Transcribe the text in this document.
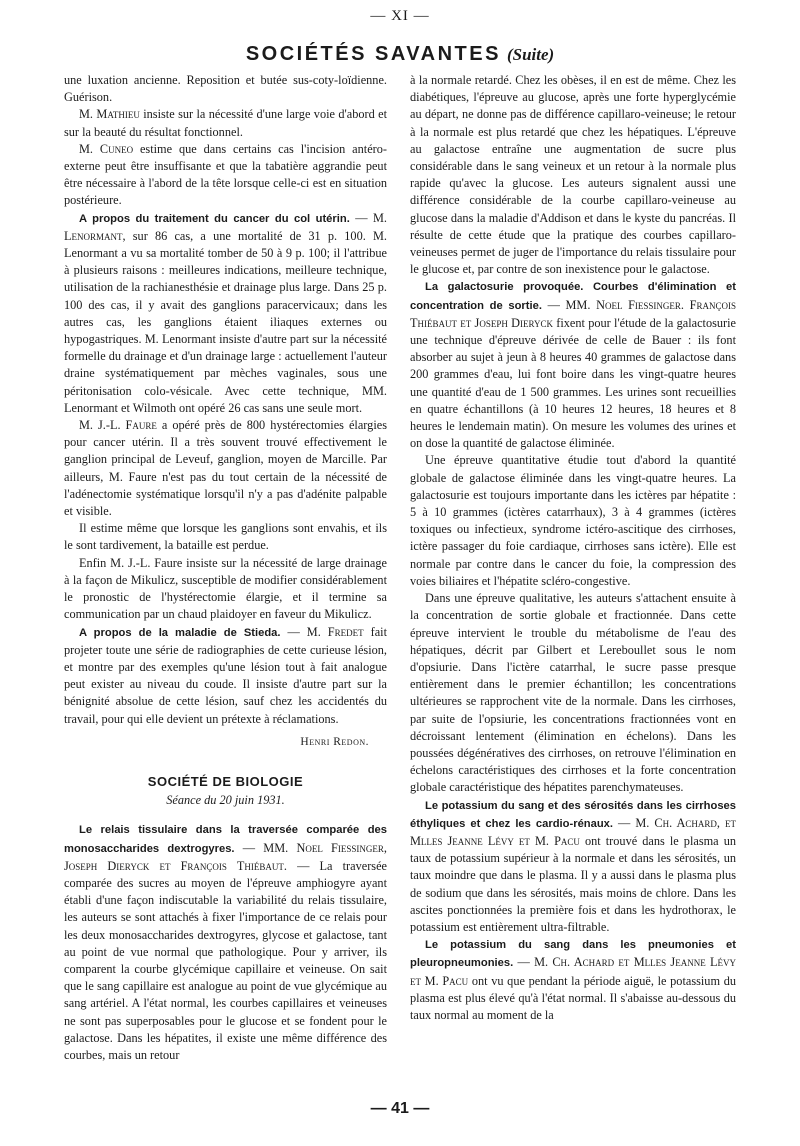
— XI —
SOCIÉTÉS SAVANTES (Suite)

une luxation ancienne. Reposition et butée sus-coty-loïdienne. Guérison.

M. Mathieu insiste sur la nécessité d'une large voie d'abord et sur la beauté du résultat fonctionnel.

M. Cuneo estime que dans certains cas l'incision antéro-externe peut être insuffisante et que la tabatière aggrandie peut être nécessaire à l'abord de la tête lorsque celle-ci est en situation postérieure.

A propos du traitement du cancer du col utérin. — M. Lenormant, sur 86 cas, a une mortalité de 31 p. 100. M. Lenormant a vu sa mortalité tomber de 50 à 9 p. 100; il l'attribue à plusieurs raisons : meilleures indications, meilleure technique, utilisation de la rachianesthésie et drainage plus large. Dans 25 p. 100 des cas, il y avait des ganglions paracervicaux; dans les autres cas, les ganglions étaient iliaques externes ou hypogastriques. M. Lenormant insiste d'autre part sur la nécessité formelle du drainage et d'un drainage large : actuellement l'auteur draine systématiquement par mèches vaginales, sous une péritonisation colo-vésicale. Avec cette technique, MM. Lenormant et Wilmoth ont opéré 26 cas sans une seule mort.

M. J.-L. Faure a opéré près de 800 hystérectomies élargies pour cancer utérin. Il a très souvent trouvé effectivement le ganglion principal de Leveuf, ganglion, moyen de Marcille. Par ailleurs, M. Faure n'est pas du tout certain de la nécessité de l'adénectomie systématique lorsqu'il n'y a pas d'adénite palpable et visible.

Il estime même que lorsque les ganglions sont envahis, et ils le sont tardivement, la bataille est perdue.

Enfin M. J.-L. Faure insiste sur la nécessité de large drainage à la façon de Mikulicz, susceptible de modifier considérablement le pronostic de l'hystérectomie élargie, et il termine sa communication par un chaud plaidoyer en faveur du Mikulicz.

A propos de la maladie de Stieda. — M. Fredet fait projeter toute une série de radiographies de cette curieuse lésion, et montre par des exemples qu'une lésion tout à fait analogue peut exister au niveau du coude. Il insiste d'autre part sur la bénignité absolue de cette lésion, sauf chez les accidentés du travail, pour qui elle devient un prétexte à réclamations.

Henri Redon.
SOCIÉTÉ DE BIOLOGIE
Séance du 20 juin 1931.

Le relais tissulaire dans la traversée comparée des monosaccharides dextrogyres. — MM. Noel Fiessinger, Joseph Dieryck et François Thiébaut. — La traversée comparée des sucres au moyen de l'épreuve amphiogyre ayant établi d'une façon indiscutable la variabilité du relais tissulaire, les auteurs se sont attachés à fixer l'importance de ce relais pour les deux monosaccharides dextrogyres, glycose et galactose, tant au point de vue normal que pathologique. Pour y arriver, ils comparent la courbe glycémique capillaire et veineuse. On sait que le sang capillaire est analogue au point de vue glycémique au sang artériel. A l'état normal, les courbes capillaires et veineuses ne sont pas superposables pour le glucose et se fondent pour le galactose. Dans les hépatites, il existe une même différence des courbes, mais un retour

à la normale retardé. Chez les obèses, il en est de même. Chez les diabétiques, l'épreuve au glucose, après une forte hyperglycémie au départ, ne donne pas de différence capillaro-veineuse; le retour à la normale est plus retardé que chez les hépatiques. L'épreuve au galactose entraîne une augmentation de sucre plus considérable dans le sang veineux et un retour à la normale plus rapide qu'avec la glucose. Les auteurs signalent aussi une différence considérable de la courbe capillaro-veineuse au glucose dans la maladie d'Addison et dans le kyste du pancréas. Il résulte de cette étude que la pratique des courbes capillaro-veineuses permet de juger de l'importance du relais tissulaire pour le glucose et, par contre de son inexistence pour le galactose.

La galactosurie provoquée. Courbes d'élimination et concentration de sortie. — MM. Noel Fiessinger. François Thiébaut et Joseph Dieryck fixent pour l'étude de la galactosurie une technique d'épreuve dérivée de celle de Bauer : ils font absorber au sujet à jeun à 8 heures 40 grammes de galactose dans 200 grammes d'eau, lui font boire dans les vingt-quatre heures une quantité d'eau de 1 500 grammes. Les urines sont recueillies en quatre échantillons (à 10 heures 12 heures, 18 heures et 8 heures le lendemain matin). On mesure les volumes des urines et on dose la quantité de galactose éliminée.

Une épreuve quantitative étudie tout d'abord la quantité globale de galactose éliminée dans les vingt-quatre heures. La galactosurie est toujours importante dans les ictères par hépatite : 5 à 10 grammes (ictères catarrhaux), 3 à 4 grammes (ictères toxiques ou infectieux, syndrome ictéro-ascitique des cirrhoses, ictère passager du foie cardiaque, cirrhoses sans ictère). Elle est normale par contre dans le cancer du foie, la compression des voies biliaires et l'hépatite scléro-congestive.

Dans une épreuve qualitative, les auteurs s'attachent ensuite à la concentration de sortie globale et fractionnée. Dans cette épreuve intervient le trouble du métabolisme de l'eau des hépatiques, décrit par Gilbert et Lereboullet sous le nom d'opsiurie. Dans l'ictère catarrhal, le sucre passe presque entièrement dans le premier échantillon; les concentrations ultérieures se rapprochent vite de la normale. Dans les cirrhoses, par suite de l'opsiurie, les concentrations fractionnées vont en décroissant lentement (élimination en échelons). Dans les poussées dégénératives des cirrhoses, on retrouve l'élimination en échelons caractéristiques des cirrhoses et la forte concentration globale caractéristique des hépatites parenchymateuses.

Le potassium du sang et des sérosités dans les cirrhoses éthyliques et chez les cardio-rénaux. — M. Ch. Achard, et Mlles Jeanne Lévy et M. Pacu ont trouvé dans le plasma un taux de potassium supérieur à la normale et dans les sérosités, un taux moindre que dans le plasma. Il y a aussi dans le plasma plus de sodium que dans les sérosités, mais moins de chlore. Dans les ascites ponctionnées la première fois et dans les hydrothorax, le potassium est entièrement ultra-filtrable.

Le potassium du sang dans les pneumonies et pleuropneumonies. — M. Ch. Achard et Mlles Jeanne Lévy et M. Pacu ont vu que pendant la période aiguë, le potassium du plasma est plus élevé qu'à l'état normal. Il s'abaisse au-dessous du taux normal au moment de la

— 41 —
